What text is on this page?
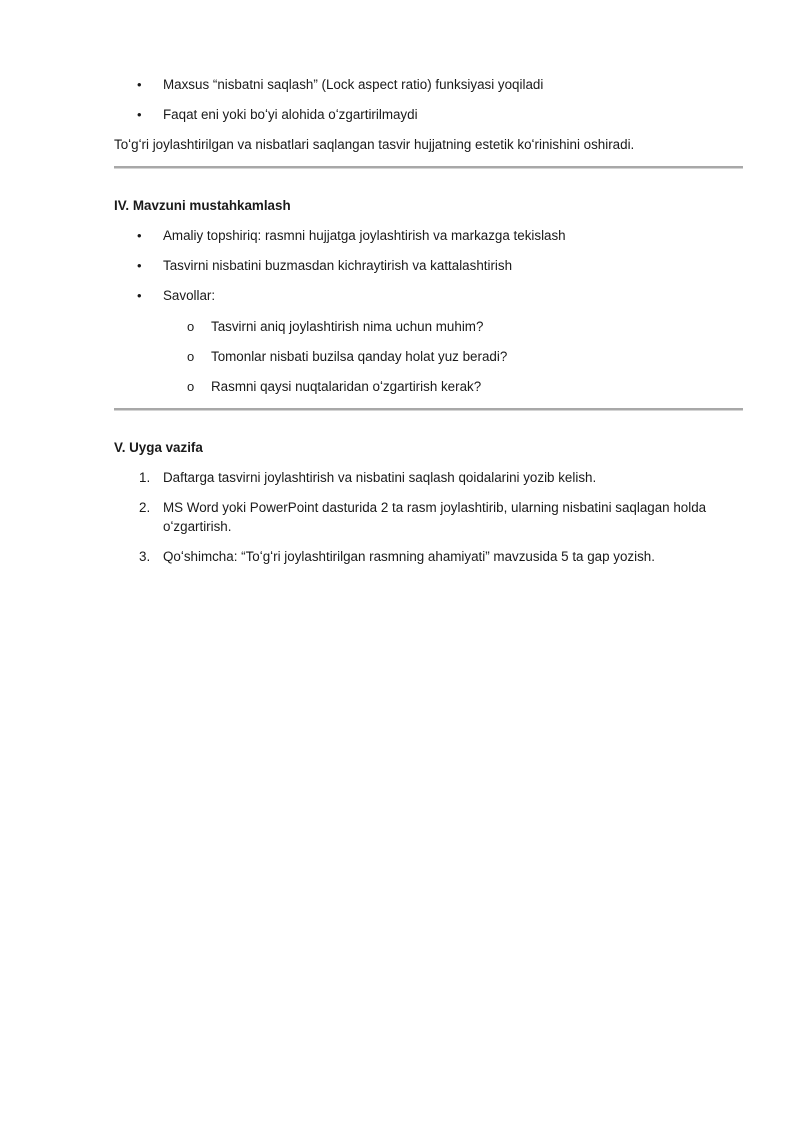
• Maxsus “nisbatni saqlash” (Lock aspect ratio) funksiyasi yoqiladi
• Faqat eni yoki boʻyi alohida oʻzgartirilmaydi
Toʻgʻri joylashtirilgan va nisbatlari saqlangan tasvir hujjatning estetik koʻrinishini oshiradi.
IV. Mavzuni mustahkamlash
• Amaliy topshiriq: rasmni hujjatga joylashtirish va markazga tekislash
• Tasvirni nisbatini buzmasdan kichraytirish va kattalashtirish
• Savollar:
o Tasvirni aniq joylashtirish nima uchun muhim?
o Tomonlar nisbati buzilsa qanday holat yuz beradi?
o Rasmni qaysi nuqtalaridan oʻzgartirish kerak?
V. Uyga vazifa
1. Daftarga tasvirni joylashtirish va nisbatini saqlash qoidalarini yozib kelish.
2. MS Word yoki PowerPoint dasturida 2 ta rasm joylashtirib, ularning nisbatini saqlagan holda
oʻzgartirish.
3. Qoʻshimcha: “Toʻgʻri joylashtirilgan rasmning ahamiyati” mavzusida 5 ta gap yozish.
